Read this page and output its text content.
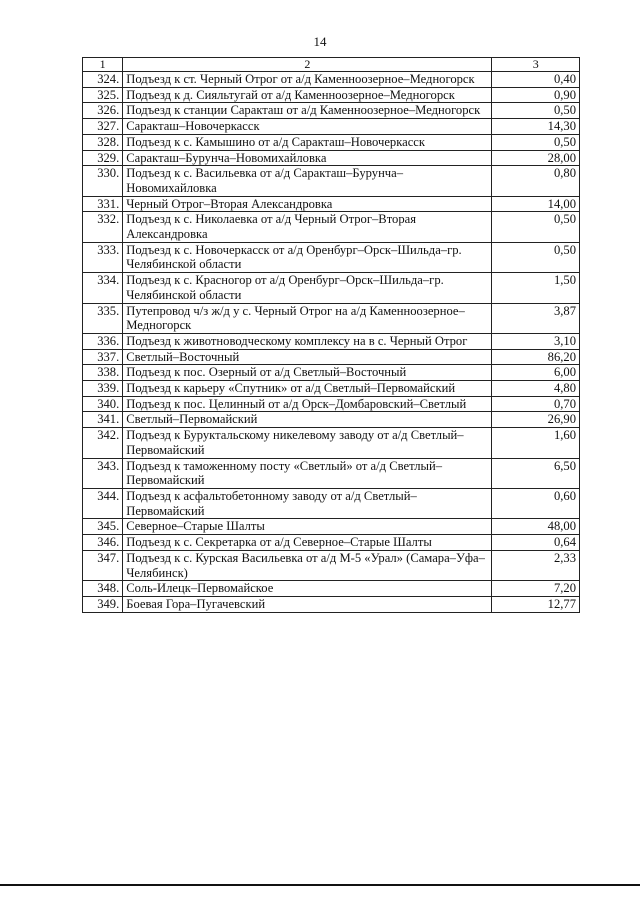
14
1	2	3
324.	Подъезд к ст. Черный Отрог от а/д Каменноозерное–Медногорск	0,40
325.	Подъезд к д. Сияльтугай от а/д Каменноозерное–Медногорск	0,90
326.	Подъезд к станции Саракташ от а/д Каменноозерное–Медногорск	0,50
327.	Саракташ–Новочеркасск	14,30
328.	Подъезд к с. Камышино от а/д Саракташ–Новочеркасск	0,50
329.	Саракташ–Бурунча–Новомихайловка	28,00
330.	Подъезд к с. Васильевка от а/д Саракташ–Бурунча–Новомихайловка	0,80
331.	Черный Отрог–Вторая Александровка	14,00
332.	Подъезд к с. Николаевка от а/д Черный Отрог–Вторая Александровка	0,50
333.	Подъезд к с. Новочеркасск от а/д Оренбург–Орск–Шильда–гр. Челябинской области	0,50
334.	Подъезд к с. Красногор от а/д Оренбург–Орск–Шильда–гр. Челябинской области	1,50
335.	Путепровод ч/з ж/д у с. Черный Отрог на а/д Каменноозерное–Медногорск	3,87
336.	Подъезд к животноводческому комплексу на в с. Черный Отрог	3,10
337.	Светлый–Восточный	86,20
338.	Подъезд к пос. Озерный от а/д Светлый–Восточный	6,00
339.	Подъезд к карьеру «Спутник» от а/д Светлый–Первомайский	4,80
340.	Подъезд к пос. Целинный от а/д Орск–Домбаровский–Светлый	0,70
341.	Светлый–Первомайский	26,90
342.	Подъезд к Буруктальскому никелевому заводу от а/д Светлый–Первомайский	1,60
343.	Подъезд к таможенному посту «Светлый» от а/д Светлый–Первомайский	6,50
344.	Подъезд к асфальтобетонному заводу от а/д Светлый–Первомайский	0,60
345.	Северное–Старые Шалты	48,00
346.	Подъезд к с. Секретарка от а/д Северное–Старые Шалты	0,64
347.	Подъезд к с. Курская Васильевка от а/д М-5 «Урал» (Самара–Уфа–Челябинск)	2,33
348.	Соль-Илецк–Первомайское	7,20
349.	Боевая Гора–Пугачевский	12,77
